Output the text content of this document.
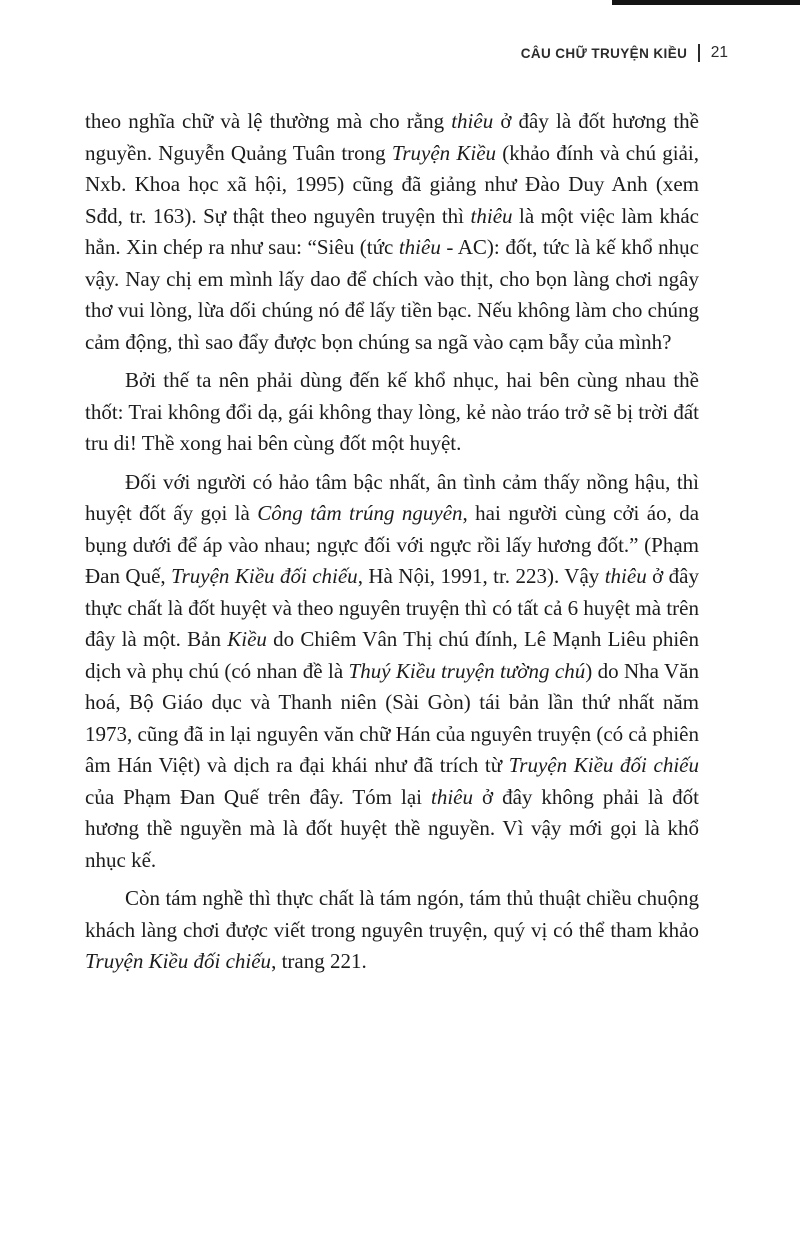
CÂU CHỮ TRUYỆN KIỀU 21

theo nghĩa chữ và lệ thường mà cho rằng thiêu ở đây là đốt hương thề nguyền. Nguyễn Quảng Tuân trong Truyện Kiều (khảo đính và chú giải, Nxb. Khoa học xã hội, 1995) cũng đã giảng như Đào Duy Anh (xem Sđd, tr. 163). Sự thật theo nguyên truyện thì thiêu là một việc làm khác hẳn. Xin chép ra như sau: “Siêu (tức thiêu - AC): đốt, tức là kế khổ nhục vậy. Nay chị em mình lấy dao để chích vào thịt, cho bọn làng chơi ngây thơ vui lòng, lừa dối chúng nó để lấy tiền bạc. Nếu không làm cho chúng cảm động, thì sao đẩy được bọn chúng sa ngã vào cạm bẫy của mình?

Bởi thế ta nên phải dùng đến kế khổ nhục, hai bên cùng nhau thề thốt: Trai không đổi dạ, gái không thay lòng, kẻ nào tráo trở sẽ bị trời đất tru di! Thề xong hai bên cùng đốt một huyệt.

Đối với người có hảo tâm bậc nhất, ân tình cảm thấy nồng hậu, thì huyệt đốt ấy gọi là Công tâm trúng nguyên, hai người cùng cởi áo, da bụng dưới để áp vào nhau; ngực đối với ngực rồi lấy hương đốt.” (Phạm Đan Quế, Truyện Kiều đối chiếu, Hà Nội, 1991, tr. 223). Vậy thiêu ở đây thực chất là đốt huyệt và theo nguyên truyện thì có tất cả 6 huyệt mà trên đây là một. Bản Kiều do Chiêm Vân Thị chú đính, Lê Mạnh Liêu phiên dịch và phụ chú (có nhan đề là Thuý Kiều truyện tường chú) do Nha Văn hoá, Bộ Giáo dục và Thanh niên (Sài Gòn) tái bản lần thứ nhất năm 1973, cũng đã in lại nguyên văn chữ Hán của nguyên truyện (có cả phiên âm Hán Việt) và dịch ra đại khái như đã trích từ Truyện Kiều đối chiếu của Phạm Đan Quế trên đây. Tóm lại thiêu ở đây không phải là đốt hương thề nguyền mà là đốt huyệt thề nguyền. Vì vậy mới gọi là khổ nhục kế.

Còn tám nghề thì thực chất là tám ngón, tám thủ thuật chiều chuộng khách làng chơi được viết trong nguyên truyện, quý vị có thể tham khảo Truyện Kiều đối chiếu, trang 221.
